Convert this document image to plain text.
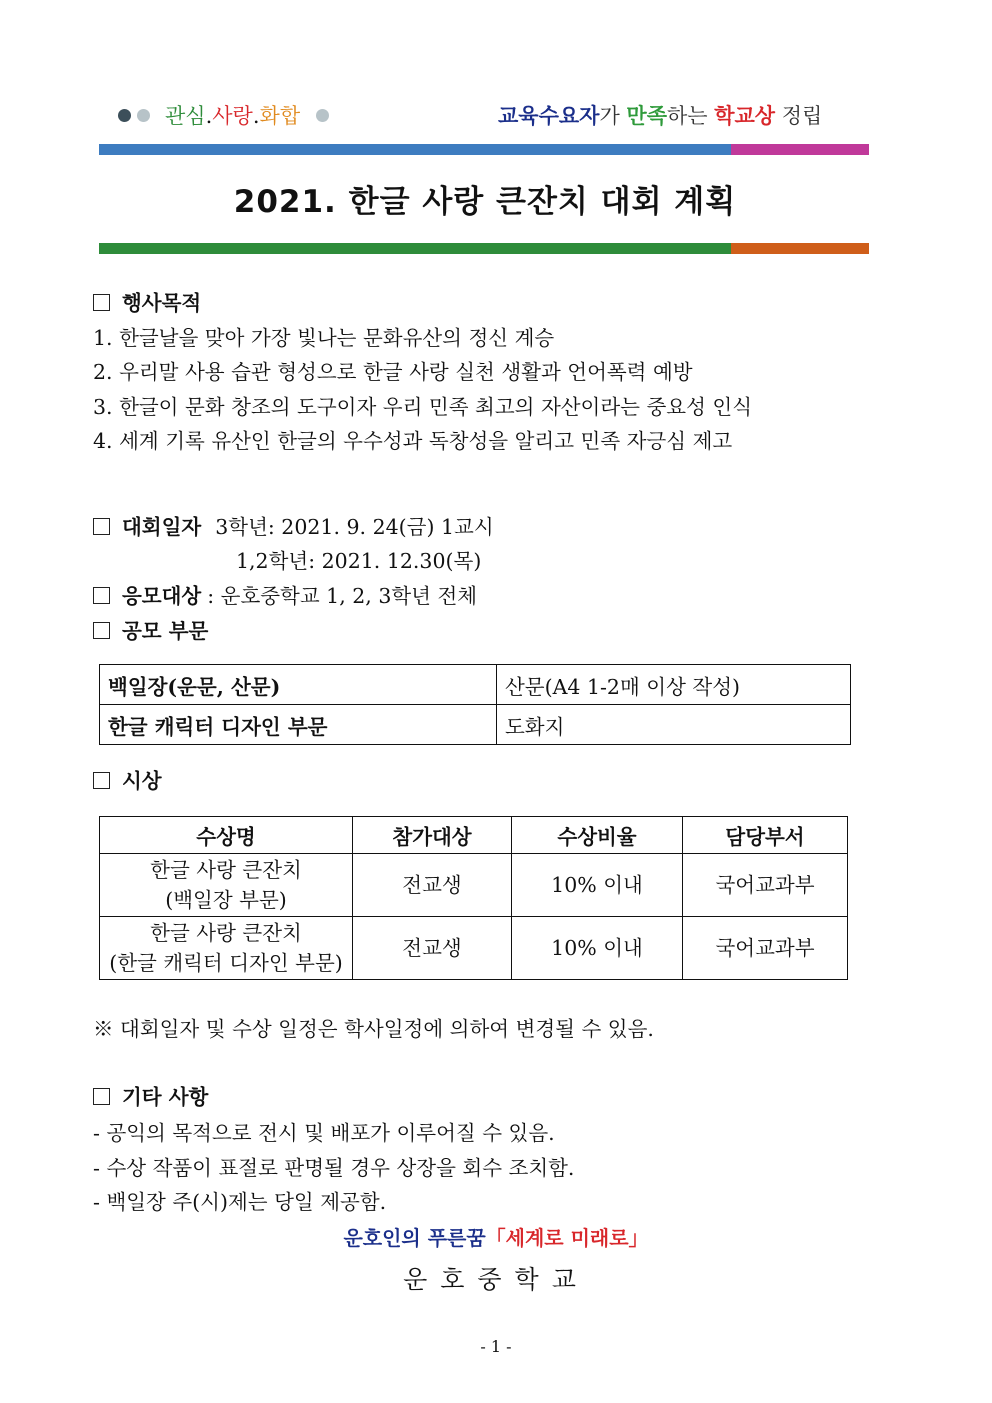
관심.사랑.화합	교육수요자가 만족하는 학교상 정립
2021. 한글 사랑 큰잔치 대회 계획
행사목적
1. 한글날을 맞아 가장 빛나는 문화유산의 정신 계승
2. 우리말 사용 습관 형성으로 한글 사랑 실천 생활과 언어폭력 예방
3. 한글이 문화 창조의 도구이자 우리 민족 최고의 자산이라는 중요성 인식
4. 세계 기록 유산인 한글의 우수성과 독창성을 알리고 민족 자긍심 제고
대회일자 3학년: 2021. 9. 24(금) 1교시
1,2학년: 2021. 12.30(목)
응모대상 : 운호중학교 1, 2, 3학년 전체
공모 부문
백일장(운문, 산문)	산문(A4 1-2매 이상 작성)
한글 캐릭터 디자인 부문	도화지
시상
수상명	참가대상	수상비율	담당부서

한글 사랑 큰잔치
(백일장 부문)	전교생	10% 이내	국어교과부

한글 사랑 큰잔치
(한글 캐릭터 디자인 부문)	전교생	10% 이내	국어교과부
※ 대회일자 및 수상 일정은 학사일정에 의하여 변경될 수 있음.
기타 사항
- 공익의 목적으로 전시 및 배포가 이루어질 수 있음.
- 수상 작품이 표절로 판명될 경우 상장을 회수 조치함.
- 백일장 주(시)제는 당일 제공함.
운호인의 푸른꿈「세계로 미래로」
운호중학교
- 1 -
